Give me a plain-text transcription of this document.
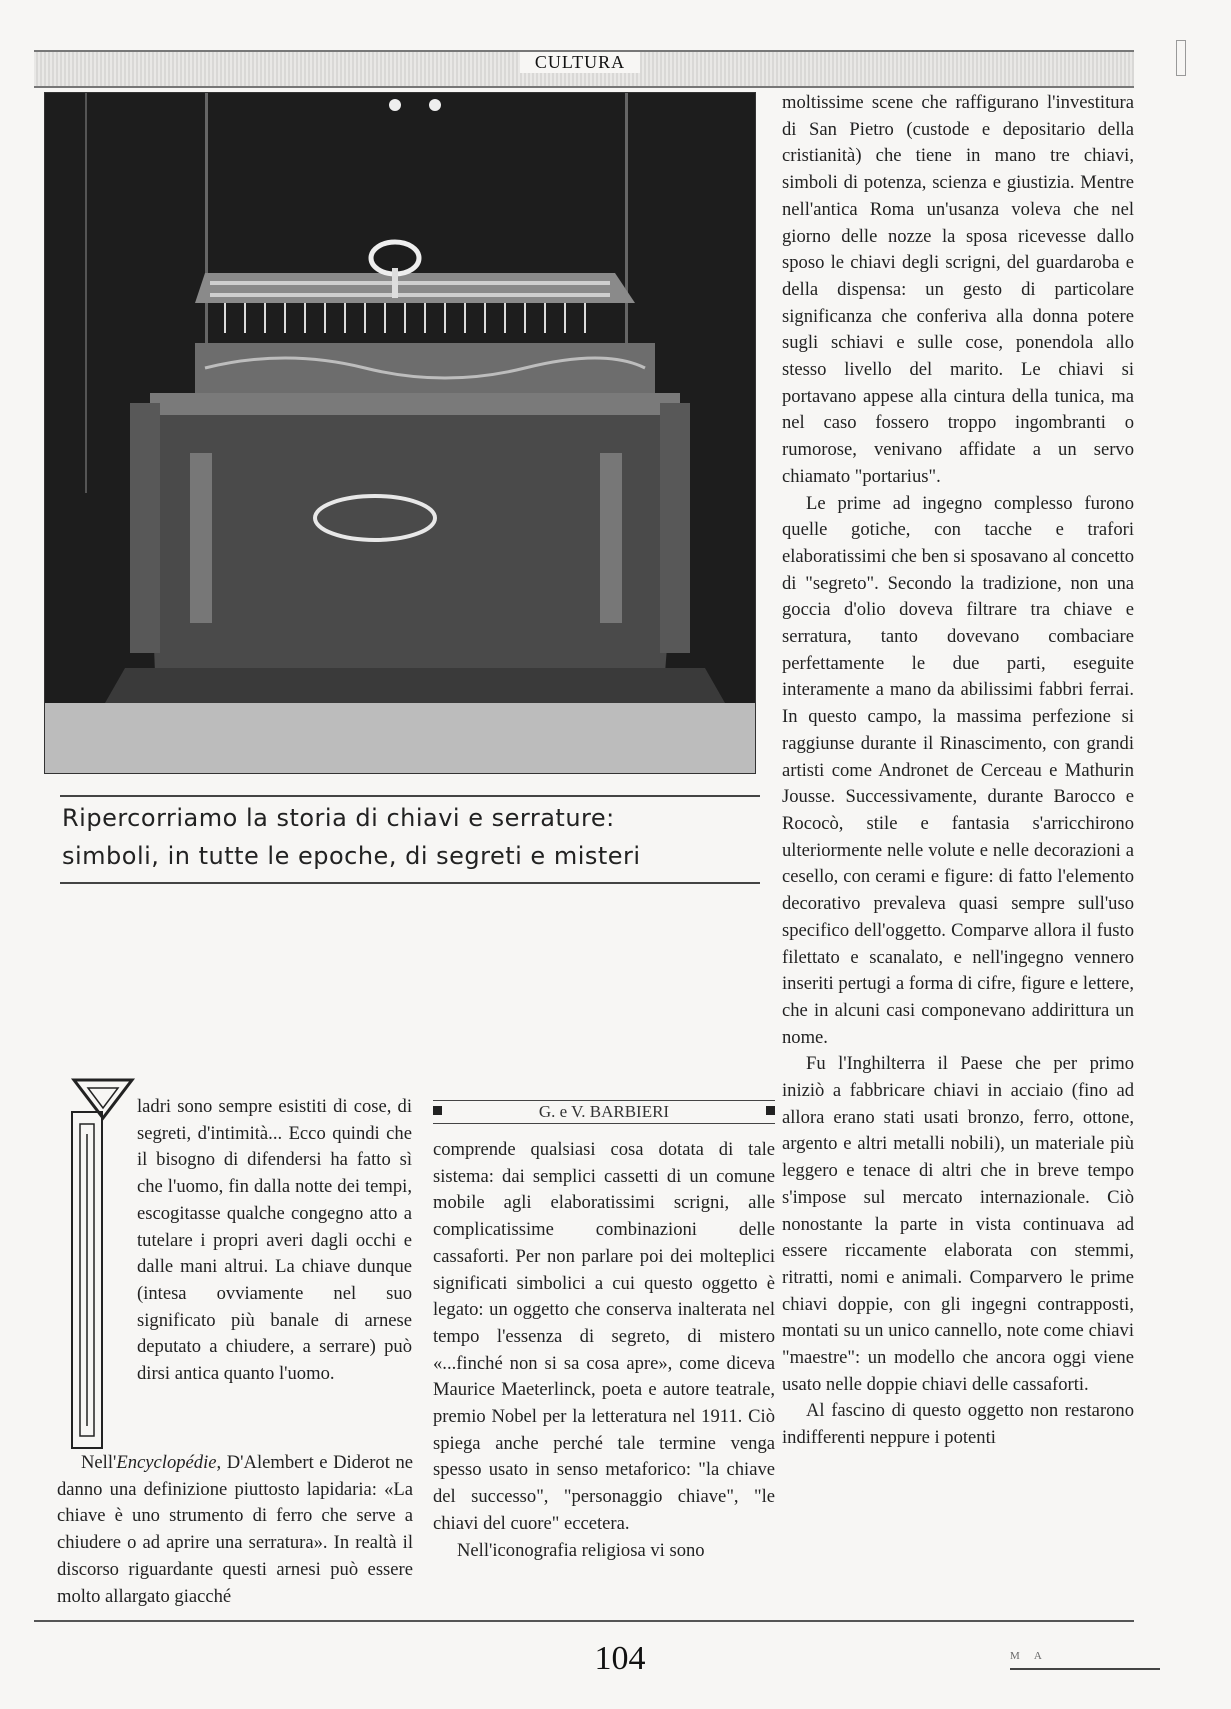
CULTURA
Ripercorriamo la storia di chiavi e serrature:
simboli, in tutte le epoche, di segreti e misteri
ladri sono sempre esistiti di cose, di segreti, d'intimità... Ecco quindi che il bisogno di difendersi ha fatto sì che l'uomo, fin dalla notte dei tempi, escogitasse qualche congegno atto a tutelare i propri averi dagli occhi e dalle mani altrui. La chiave dunque (intesa ovviamente nel suo significato più banale di arnese deputato a chiudere, a serrare) può dirsi antica quanto l'uomo.

Nell'Encyclopédie, D'Alembert e Diderot ne danno una definizione piuttosto lapidaria: «La chiave è uno strumento di ferro che serve a chiudere o ad aprire una serratura». In realtà il discorso riguardante questi arnesi può essere molto allargato giacché

G. e V. BARBIERI

comprende qualsiasi cosa dotata di tale sistema: dai semplici cassetti di un comune mobile agli elaboratissimi scrigni, alle complicatissime combinazioni delle cassaforti. Per non parlare poi dei molteplici significati simbolici a cui questo oggetto è legato: un oggetto che conserva inalterata nel tempo l'essenza di segreto, di mistero «...finché non si sa cosa apre», come diceva Maurice Maeterlinck, poeta e autore teatrale, premio Nobel per la letteratura nel 1911. Ciò spiega anche perché tale termine venga spesso usato in senso metaforico: "la chiave del successo", "personaggio chiave", "le chiavi del cuore" eccetera.

Nell'iconografia religiosa vi sono

moltissime scene che raffigurano l'investitura di San Pietro (custode e depositario della cristianità) che tiene in mano tre chiavi, simboli di potenza, scienza e giustizia. Mentre nell'antica Roma un'usanza voleva che nel giorno delle nozze la sposa ricevesse dallo sposo le chiavi degli scrigni, del guardaroba e della dispensa: un gesto di particolare significanza che conferiva alla donna potere sugli schiavi e sulle cose, ponendola allo stesso livello del marito. Le chiavi si portavano appese alla cintura della tunica, ma nel caso fossero troppo ingombranti o rumorose, venivano affidate a un servo chiamato "portarius".

Le prime ad ingegno complesso furono quelle gotiche, con tacche e trafori elaboratissimi che ben si sposavano al concetto di "segreto". Secondo la tradizione, non una goccia d'olio doveva filtrare tra chiave e serratura, tanto dovevano combaciare perfettamente le due parti, eseguite interamente a mano da abilissimi fabbri ferrai. In questo campo, la massima perfezione si raggiunse durante il Rinascimento, con grandi artisti come Andronet de Cerceau e Mathurin Jousse. Successivamente, durante Barocco e Rococò, stile e fantasia s'arricchirono ulteriormente nelle volute e nelle decorazioni a cesello, con cerami e figure: di fatto l'elemento decorativo prevaleva quasi sempre sull'uso specifico dell'oggetto. Comparve allora il fusto filettato e scanalato, e nell'ingegno vennero inseriti pertugi a forma di cifre, figure e lettere, che in alcuni casi componevano addirittura un nome.

Fu l'Inghilterra il Paese che per primo iniziò a fabbricare chiavi in acciaio (fino ad allora erano stati usati bronzo, ferro, ottone, argento e altri metalli nobili), un materiale più leggero e tenace di altri che in breve tempo s'impose sul mercato internazionale. Ciò nonostante la parte in vista continuava ad essere riccamente elaborata con stemmi, ritratti, nomi e animali. Comparvero le prime chiavi doppie, con gli ingegni contrapposti, montati su un unico cannello, note come chiavi "maestre": un modello che ancora oggi viene usato nelle doppie chiavi delle cassaforti.

Al fascino di questo oggetto non restarono indifferenti neppure i potenti

104	M A
